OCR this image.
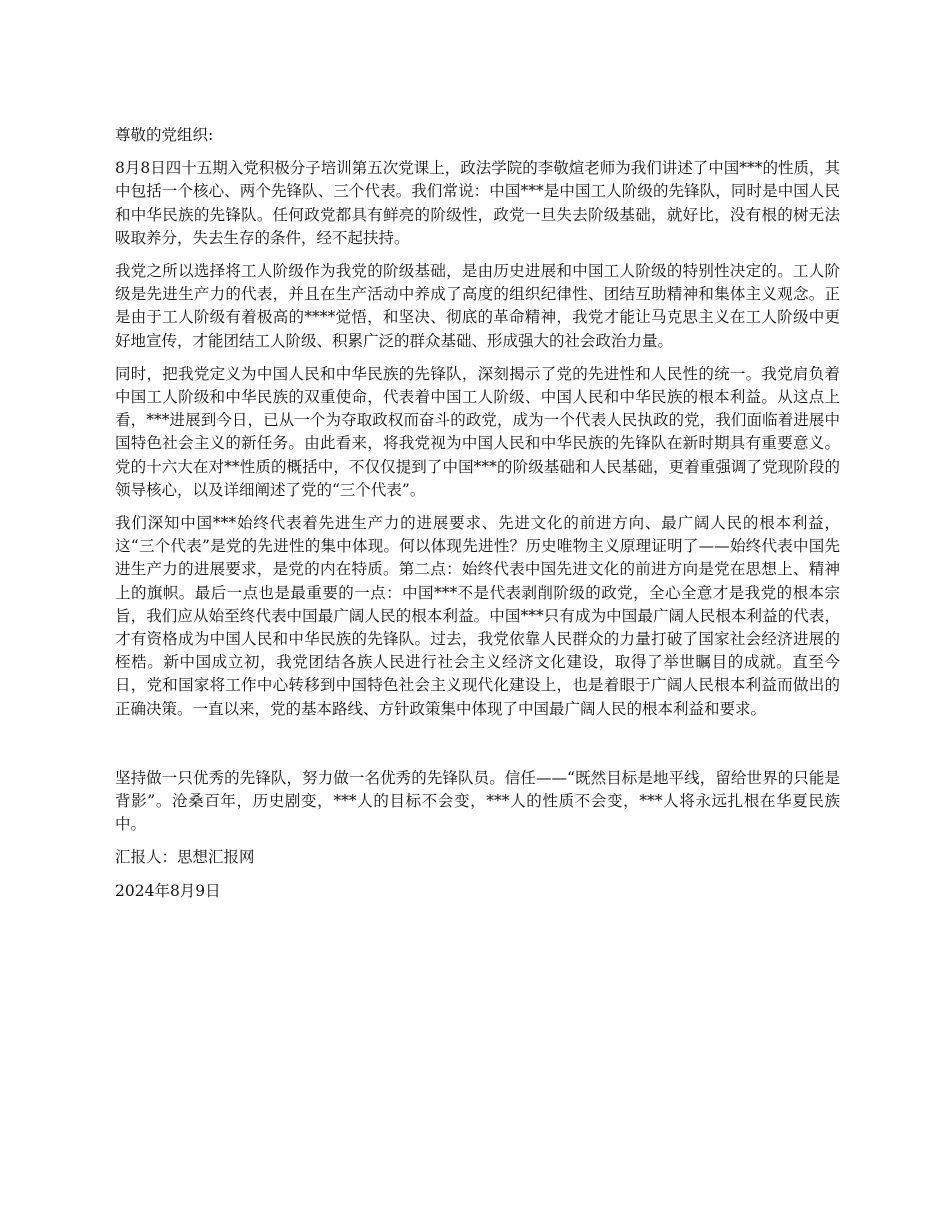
尊敬的党组织:

8月8日四十五期入党积极分子培训第五次党课上，政法学院的李敬煊老师为我们讲述了中国***的性质，其中包括一个核心、两个先锋队、三个代表。我们常说：中国***是中国工人阶级的先锋队，同时是中国人民和中华民族的先锋队。任何政党都具有鲜亮的阶级性，政党一旦失去阶级基础，就好比，没有根的树无法吸取养分，失去生存的条件，经不起扶持。

我党之所以选择将工人阶级作为我党的阶级基础，是由历史进展和中国工人阶级的特别性决定的。工人阶级是先进生产力的代表，并且在生产活动中养成了高度的组织纪律性、团结互助精神和集体主义观念。正是由于工人阶级有着极高的****觉悟，和坚决、彻底的革命精神，我党才能让马克思主义在工人阶级中更好地宣传，才能团结工人阶级、积累广泛的群众基础、形成强大的社会政治力量。

同时，把我党定义为中国人民和中华民族的先锋队，深刻揭示了党的先进性和人民性的统一。我党肩负着中国工人阶级和中华民族的双重使命，代表着中国工人阶级、中国人民和中华民族的根本利益。从这点上看，***进展到今日，已从一个为夺取政权而奋斗的政党，成为一个代表人民执政的党，我们面临着进展中国特色社会主义的新任务。由此看来，将我党视为中国人民和中华民族的先锋队在新时期具有重要意义。党的十六大在对**性质的概括中，不仅仅提到了中国***的阶级基础和人民基础，更着重强调了党现阶段的领导核心，以及详细阐述了党的“三个代表”。

我们深知中国***始终代表着先进生产力的进展要求、先进文化的前进方向、最广阔人民的根本利益，这“三个代表”是党的先进性的集中体现。何以体现先进性？历史唯物主义原理证明了——始终代表中国先进生产力的进展要求，是党的内在特质。第二点：始终代表中国先进文化的前进方向是党在思想上、精神上的旗帜。最后一点也是最重要的一点：中国***不是代表剥削阶级的政党，全心全意才是我党的根本宗旨，我们应从始至终代表中国最广阔人民的根本利益。中国***只有成为中国最广阔人民根本利益的代表，才有资格成为中国人民和中华民族的先锋队。过去，我党依靠人民群众的力量打破了国家社会经济进展的桎梏。新中国成立初，我党团结各族人民进行社会主义经济文化建设，取得了举世瞩目的成就。直至今日，党和国家将工作中心转移到中国特色社会主义现代化建设上，也是着眼于广阔人民根本利益而做出的正确决策。一直以来，党的基本路线、方针政策集中体现了中国最广阔人民的根本利益和要求。

坚持做一只优秀的先锋队，努力做一名优秀的先锋队员。信任——“既然目标是地平线，留给世界的只能是背影”。沧桑百年，历史剧变，***人的目标不会变，***人的性质不会变，***人将永远扎根在华夏民族中。

汇报人：思想汇报网

2024年8月9日
